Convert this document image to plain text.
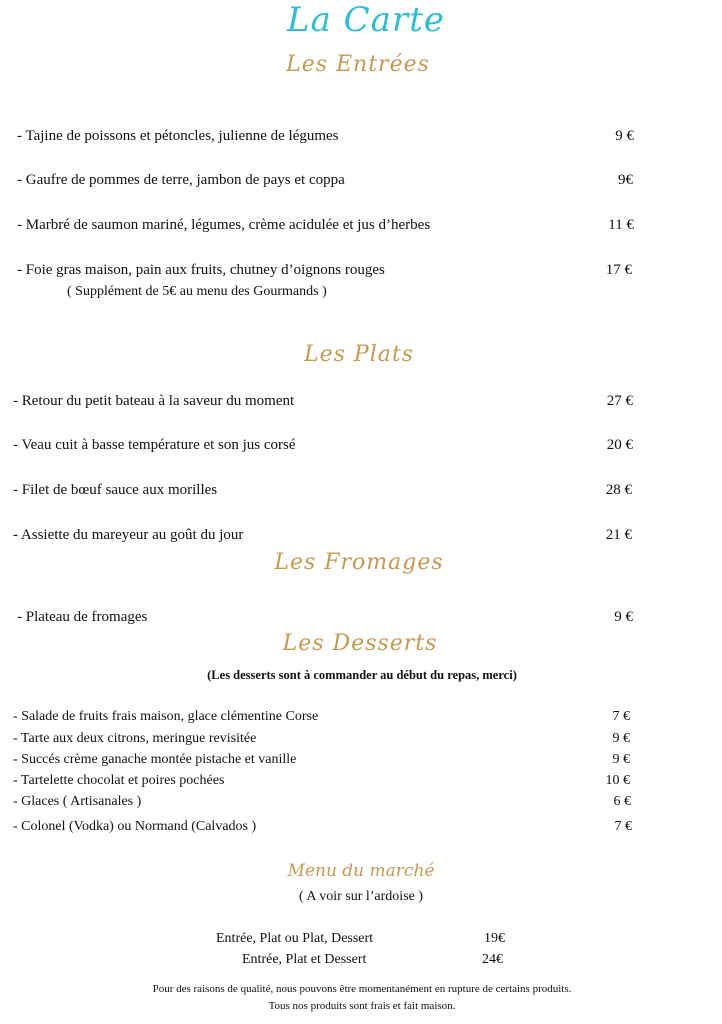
La Carte
Les Entrées
- Tajine de poissons et pétoncles, julienne de légumes	9 €
- Gaufre de pommes de terre, jambon de pays et coppa	9€
- Marbré de saumon mariné, légumes, crème acidulée et jus d’herbes	11 €
- Foie gras maison, pain aux fruits, chutney d’oignons rouges	17 €
( Supplément de 5€ au menu des Gourmands )
Les Plats
- Retour du petit bateau à la saveur du moment	27 €
- Veau cuit à basse température et son jus corsé	20 €
- Filet de bœuf sauce aux morilles	28 €
- Assiette du mareyeur au goût du jour	21 €
Les Fromages
- Plateau de fromages	9 €
Les Desserts
(Les desserts sont à commander au début du repas, merci)
- Salade de fruits frais maison, glace clémentine Corse	7 €
- Tarte aux deux citrons, meringue revisitée	9 €
- Succés crème ganache montée pistache et vanille	9 €
- Tartelette chocolat et poires pochées	10 €
- Glaces ( Artisanales )	6 €
- Colonel (Vodka) ou Normand (Calvados )	7 €
Menu du marché
( A voir sur l’ardoise )
Entrée, Plat ou Plat, Dessert	19€
Entrée, Plat et Dessert	24€
Pour des raisons de qualité, nous pouvons être momentanément en rupture de certains produits.
Tous nos produits sont frais et fait maison.
